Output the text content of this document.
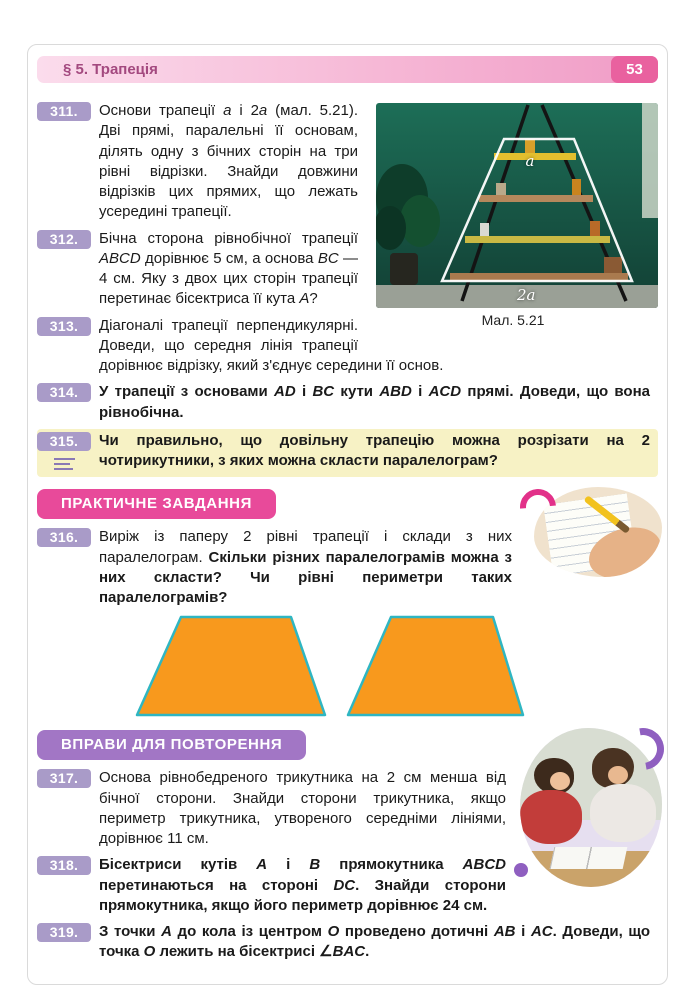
§ 5. Трапеція	53
a
2a
Мал. 5.21
311.	Основи трапеції a і 2a (мал. 5.21). Дві прямі, паралельні її основам, ділять одну з бічних сторін на три рівні відрізки. Знайди довжини відрізків цих прямих, що лежать усередині трапеції.
312.	Бічна сторона рівнобічної трапеції ABCD дорівнює 5 см, а основа BC — 4 см. Яку з двох цих сторін трапеції перетинає бісектриса її кута A?
313.	Діагоналі трапеції перпендикулярні. Доведи, що середня лінія трапеції дорівнює відрізку, який з'єднує середини її основ.
314.	У трапеції з основами AD і BC кути ABD і ACD прямі. Доведи, що вона рівнобічна.
315.	Чи правильно, що довільну трапецію можна розрізати на 2 чотирикутники, з яких можна скласти паралелограм?
ПРАКТИЧНЕ ЗАВДАННЯ
316.	Виріж із паперу 2 рівні трапеції і склади з них паралелограм. Скільки різних паралелограмів можна з них скласти? Чи рівні периметри таких паралелограмів?
ВПРАВИ ДЛЯ ПОВТОРЕННЯ
317.	Основа рівнобедреного трикутника на 2 см менша від бічної сторони. Знайди сторони трикутника, якщо периметр трикутника, утвореного середніми лініями, дорівнює 11 см.
318.	Бісектриси кутів A і B прямокутника ABCD перетинаються на стороні DC. Знайди сторони прямокутника, якщо його периметр дорівнює 24 см.
319.	З точки A до кола із центром O проведено дотичні AB і AC. Доведи, що точка O лежить на бісектрисі ∠BAC.
